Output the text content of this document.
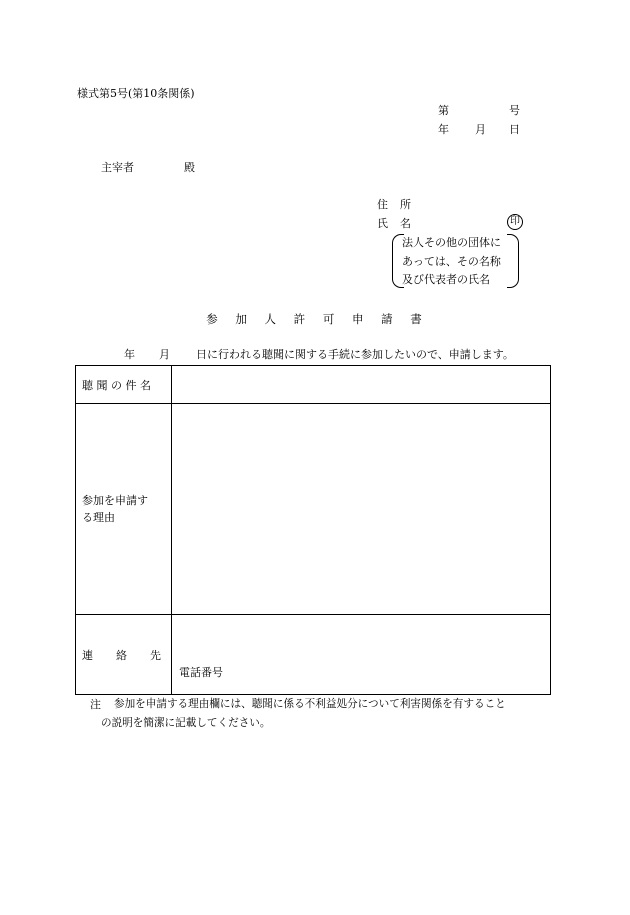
様式第5号(第10条関係)
第	号
年 月 日
主宰者	殿
住 所
氏 名	印
法人その他の団体に
あっては、その名称
及び代表者の氏名
参 加 人 許 可 申 請 書
年 月 日に行われる聴聞に関する手続に参加したいので、申請します。
聴 聞 の 件 名	

参加を申請す
る理由	

連 絡 先	電話番号
注 参加を申請する理由欄には、聴聞に係る不利益処分について利害関係を有すること
の説明を簡潔に記載してください。
